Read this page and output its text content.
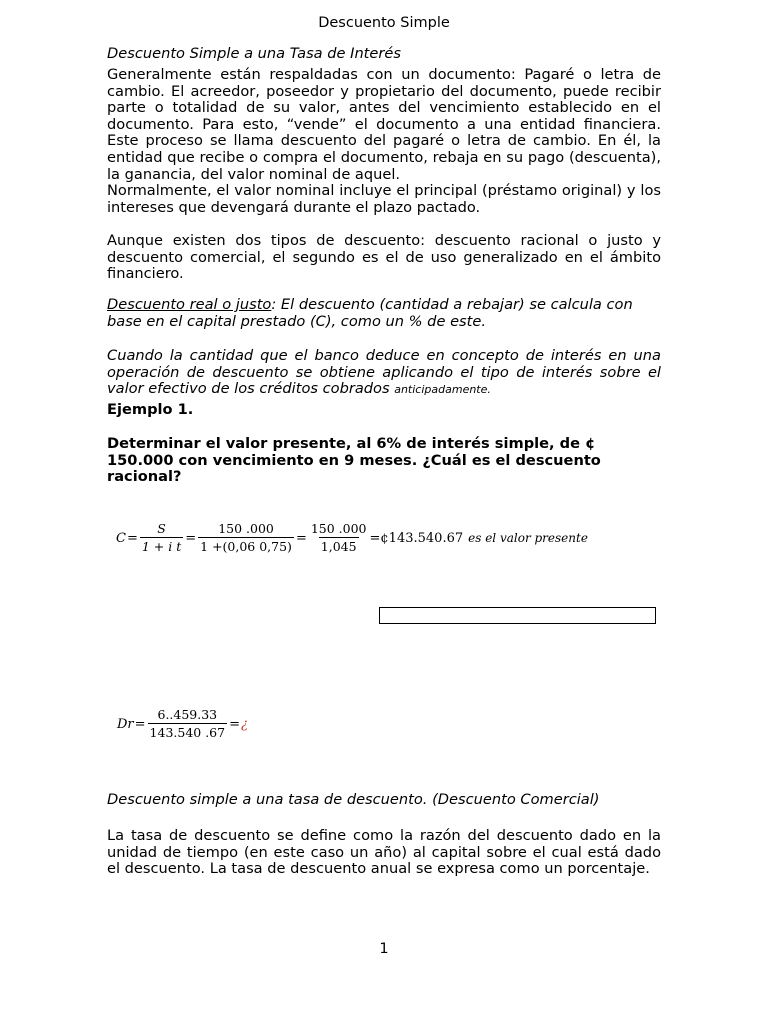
Descuento Simple
Descuento Simple a una Tasa de Interés
Generalmente están respaldadas con un documento: Pagaré o letra de cambio. El acreedor, poseedor y propietario del documento, puede recibir parte o totalidad de su valor, antes del vencimiento establecido en el documento. Para esto, “vende” el documento a una entidad financiera. Este proceso se llama descuento del pagaré o letra de cambio. En él, la entidad que recibe o compra el documento, rebaja en su pago (descuenta), la ganancia, del valor nominal de aquel.
Normalmente, el valor nominal incluye el principal (préstamo original) y los intereses que devengará durante el plazo pactado.
Aunque existen dos tipos de descuento: descuento racional o justo y descuento comercial, el segundo es el de uso generalizado en el ámbito financiero.
Descuento real o justo: El descuento (cantidad a rebajar) se calcula con base en el capital prestado (C), como un % de este.
Cuando la cantidad que el banco deduce en concepto de interés en una operación de descuento se obtiene aplicando el tipo de interés sobre el valor efectivo de los créditos cobrados anticipadamente.
Ejemplo 1.
Determinar el valor presente, al 6% de interés simple, de ¢ 150.000 con vencimiento en 9 meses. ¿Cuál es el descuento racional?
$C = \frac{S}{\text{1 + i t}} = \frac{150 .000}{1 +(0,06 0,75)} = \frac{150 .000}{1,045}$ =¢143.540.67 es el valor presente
$Dr = \frac{6..459.33}{143.540 .67}$ = ¿
Descuento simple a una tasa de descuento. (Descuento Comercial)
La tasa de descuento se define como la razón del descuento dado en la unidad de tiempo (en este caso un año) al capital sobre el cual está dado el descuento. La tasa de descuento anual se expresa como un porcentaje.
1
